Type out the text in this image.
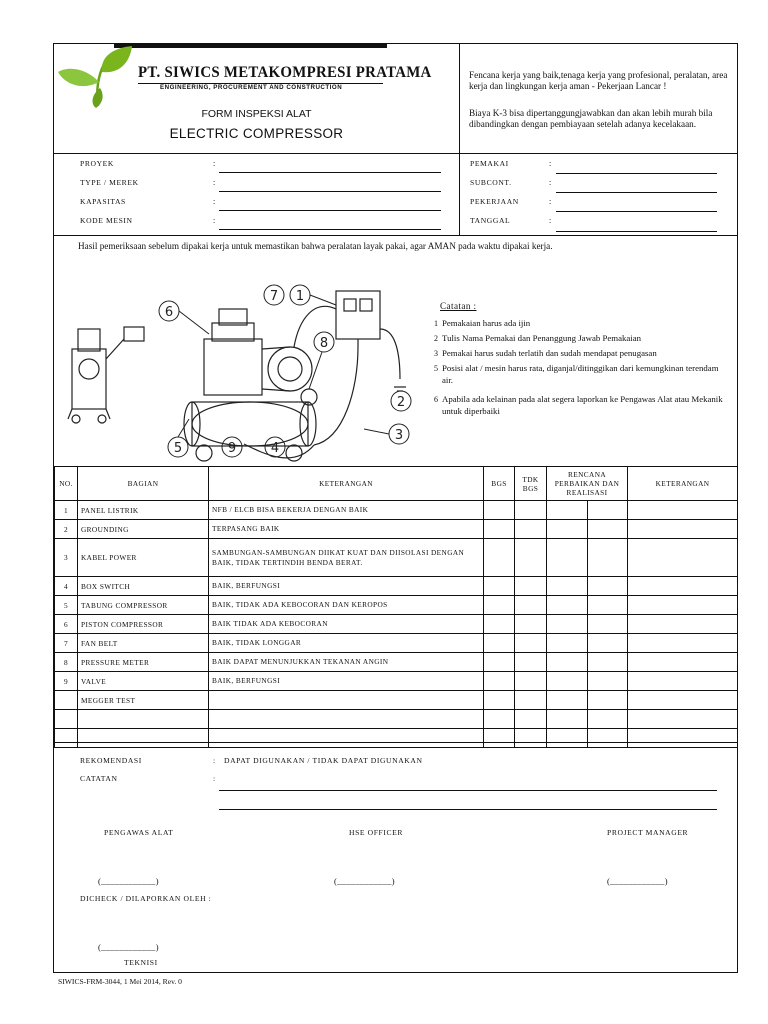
PT. SIWICS METAKOMPRESI PRATAMA
ENGINEERING, PROCUREMENT AND CONSTRUCTION
FORM INSPEKSI ALAT
ELECTRIC COMPRESSOR
Fencana kerja yang baik,tenaga kerja yang profesional, peralatan, area kerja dan lingkungan kerja aman - Pekerjaan Lancar !
Biaya K-3 bisa dipertanggungjawabkan dan akan lebih murah bila dibandingkan dengan pembiayaan setelah adanya kecelakaan.
PROYEK	:
TYPE / MEREK	:
KAPASITAS	:
KODE MESIN	:
PEMAKAI	:
SUBCONT.	:
PEKERJAAN	:
TANGGAL	:
Hasil pemeriksaan sebelum dipakai kerja untuk memastikan bahwa peralatan layak pakai, agar AMAN pada waktu dipakai kerja.
6
7 1
8
2
3
5	9	4
Catatan :
1 Pemakaian harus ada ijin
2 Tulis Nama Pemakai dan Penanggung Jawab Pemakaian
3 Pemakai harus sudah terlatih dan sudah mendapat penugasan
5 Posisi alat / mesin harus rata, diganjal/ditinggikan dari kemungkinan terendam air.
6 Apabila ada kelainan pada alat segera laporkan ke Pengawas Alat atau Mekanik untuk diperbaiki
NO.	BAGIAN	KETERANGAN	BGS	TDK BGS	RENCANA PERBAIKAN DAN REALISASI		KETERANGAN
1	PANEL LISTRIK	NFB / ELCB BISA BEKERJA DENGAN BAIK					
2	GROUNDING	TERPASANG BAIK					
3	KABEL POWER	SAMBUNGAN-SAMBUNGAN DIIKAT KUAT DAN DIISOLASI DENGAN BAIK, TIDAK TERTINDIH BENDA BERAT.					
4	BOX SWITCH	BAIK, BERFUNGSI					
5	TABUNG COMPRESSOR	BAIK, TIDAK ADA KEBOCORAN DAN KEROPOS					
6	PISTON COMPRESSOR	BAIK TIDAK ADA KEBOCORAN					
7	FAN BELT	BAIK, TIDAK LONGGAR					
8	PRESSURE METER	BAIK DAPAT MENUNJUKKAN TEKANAN ANGIN					
9	VALVE	BAIK, BERFUNGSI					
	MEGGER TEST						

REKOMENDASI	: DAPAT DIGUNAKAN / TIDAK DAPAT DIGUNAKAN
CATATAN	:
PENGAWAS ALAT	HSE OFFICER	PROJECT MANAGER
(____________)	(____________)	(____________)
DICHECK / DILAPORKAN OLEH :
(____________)
TEKNISI
SIWICS-FRM-3044, 1 Mei 2014, Rev. 0
